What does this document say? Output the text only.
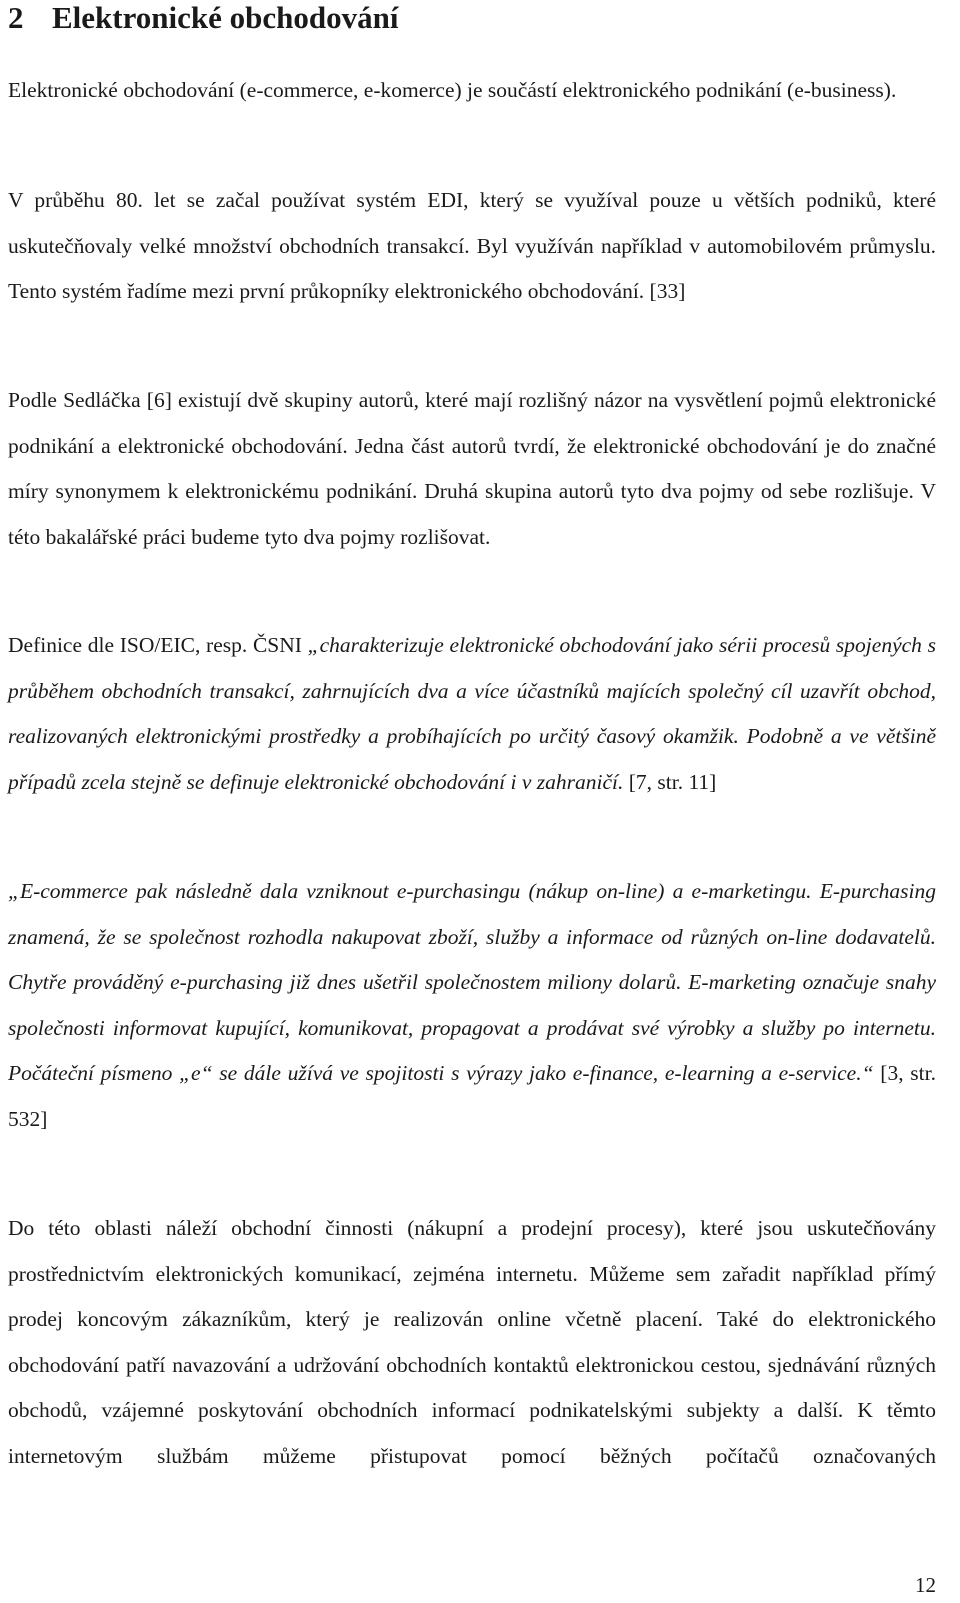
2 Elektronické obchodování

Elektronické obchodování (e-commerce, e-komerce) je součástí elektronického podnikání (e-business).

V průběhu 80. let se začal používat systém EDI, který se využíval pouze u větších podniků, které uskutečňovaly velké množství obchodních transakcí. Byl využíván například v automobilovém průmyslu. Tento systém řadíme mezi první průkopníky elektronického obchodování. [33]

Podle Sedláčka [6] existují dvě skupiny autorů, které mají rozlišný názor na vysvětlení pojmů elektronické podnikání a elektronické obchodování. Jedna část autorů tvrdí, že elektronické obchodování je do značné míry synonymem k elektronickému podnikání. Druhá skupina autorů tyto dva pojmy od sebe rozlišuje. V této bakalářské práci budeme tyto dva pojmy rozlišovat.

Definice dle ISO/EIC, resp. ČSNI „charakterizuje elektronické obchodování jako sérii procesů spojených s průběhem obchodních transakcí, zahrnujících dva a více účastníků majících společný cíl uzavřít obchod, realizovaných elektronickými prostředky a probíhajících po určitý časový okamžik. Podobně a ve většině případů zcela stejně se definuje elektronické obchodování i v zahraničí. [7, str. 11]

„E-commerce pak následně dala vzniknout e-purchasingu (nákup on-line) a e-marketingu. E-purchasing znamená, že se společnost rozhodla nakupovat zboží, služby a informace od různých on-line dodavatelů. Chytře prováděný e-purchasing již dnes ušetřil společnostem miliony dolarů. E-marketing označuje snahy společnosti informovat kupující, komunikovat, propagovat a prodávat své výrobky a služby po internetu. Počáteční písmeno „e“ se dále užívá ve spojitosti s výrazy jako e-finance, e-learning a e-service.“ [3, str. 532]

Do této oblasti náleží obchodní činnosti (nákupní a prodejní procesy), které jsou uskutečňovány prostřednictvím elektronických komunikací, zejména internetu. Můžeme sem zařadit například přímý prodej koncovým zákazníkům, který je realizován online včetně placení. Také do elektronického obchodování patří navazování a udržování obchodních kontaktů elektronickou cestou, sjednávání různých obchodů, vzájemné poskytování obchodních informací podnikatelskými subjekty a další. K těmto internetovým službám můžeme přistupovat pomocí běžných počítačů označovaných

12
